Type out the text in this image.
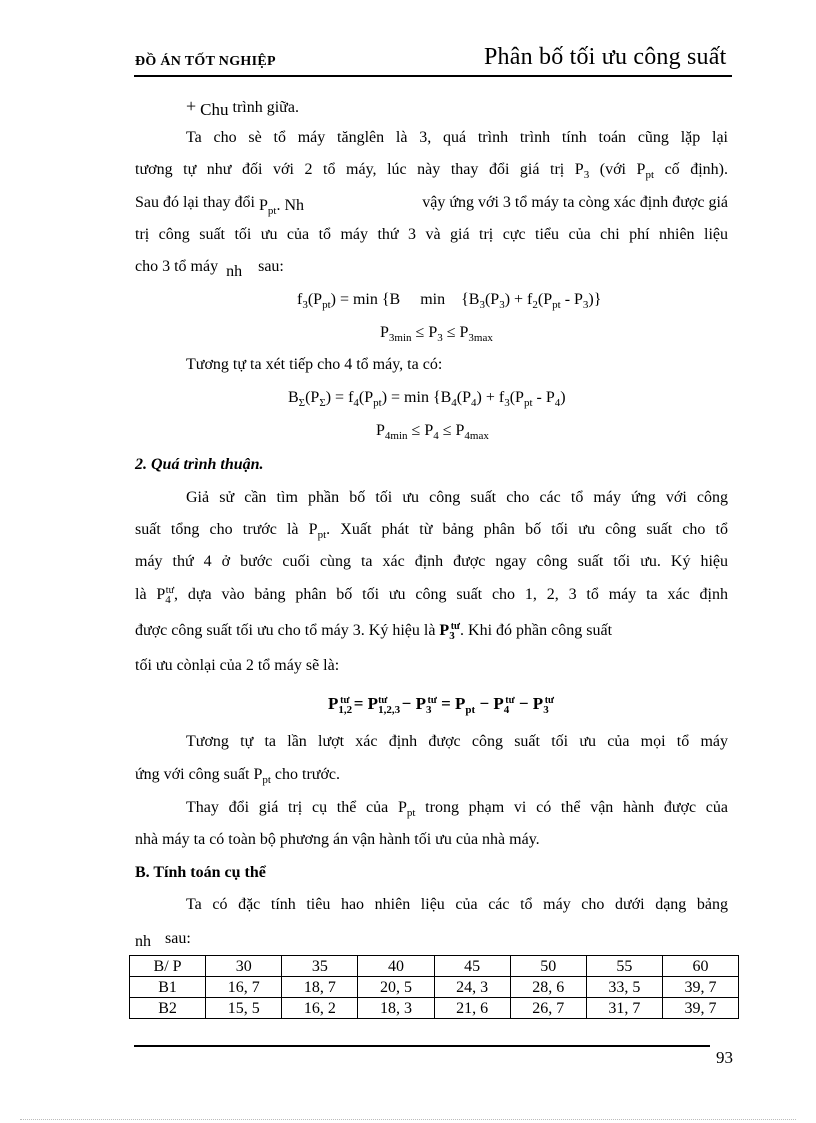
ĐỒ ÁN TỐT NGHIỆP	Phân bố tối ưu công suất
+ Chu trình giữa.
Ta cho sè tổ máy tănglên là 3, quá trình trình tính toán cũng lặp lại
tương tự như đối với 2 tổ máy, lúc này thay đổi giá trị $P_3$ (với $P_{pt}$ cố định).
Sau đó lại thay đổi $P_{pt}$. Nh	vậy ứng với 3 tổ máy ta còng xác định được giá
trị công suất tối ưu của tổ máy thứ 3 và giá trị cực tiểu của chi phí nhiên liệu
cho 3 tổ máy nh sau:
$f_3(P_{pt}) = \min \{B$ $\min \{B_3(P_3) + f_2(P_{pt} - P_3)\}$
$P_{3min} \le P_3 \le P_{3max}$
Tương tự ta xét tiếp cho 4 tổ máy, ta có:
$B_\Sigma(P_\Sigma) = f_4(P_{pt}) = \min \{B_4(P_4) + f_3(P_{pt} - P_4)$
$P_{4min} \le P_4 \le P_{4max}$
2. Quá trình thuận.
Giả sử cần tìm phần bố tối ưu công suất cho các tổ máy ứng với công
suất tổng cho trước là $P_{pt}$. Xuất phát từ bảng phân bố tối ưu công suất cho tổ
máy thứ 4 ở bước cuối cùng ta xác định được ngay công suất tối ưu. Ký hiệu
là $P_4^{tư}$, dựa vào bảng phân bố tối ưu công suất cho 1, 2, 3 tổ máy ta xác định
được công suất tối ưu cho tổ máy 3. Ký hiệu là $P_3^{tư}$. Khi đó phần công suất
tối ưu cònlại của 2 tổ máy sẽ là:
$P_{1,2}^{tư} = P_{1,2,3}^{tư} - P_3^{tư} = P_{pt} - P_4^{tư} - P_3^{tư}$
Tương tự ta lần lượt xác định được công suất tối ưu của mọi tổ máy
ứng với công suất $P_{pt}$ cho trước.
Thay đổi giá trị cụ thể của $P_{pt}$ trong phạm vi có thể vận hành được của
nhà máy ta có toàn bộ phương án vận hành tối ưu của nhà máy.
B. Tính toán cụ thể
Ta có đặc tính tiêu hao nhiên liệu của các tổ máy cho dưới dạng bảng
nh sau:
B/ P	30	35	40	45	50	55	60
B1	16, 7	18, 7	20, 5	24, 3	28, 6	33, 5	39, 7
B2	15, 5	16, 2	18, 3	21, 6	26, 7	31, 7	39, 7
93
